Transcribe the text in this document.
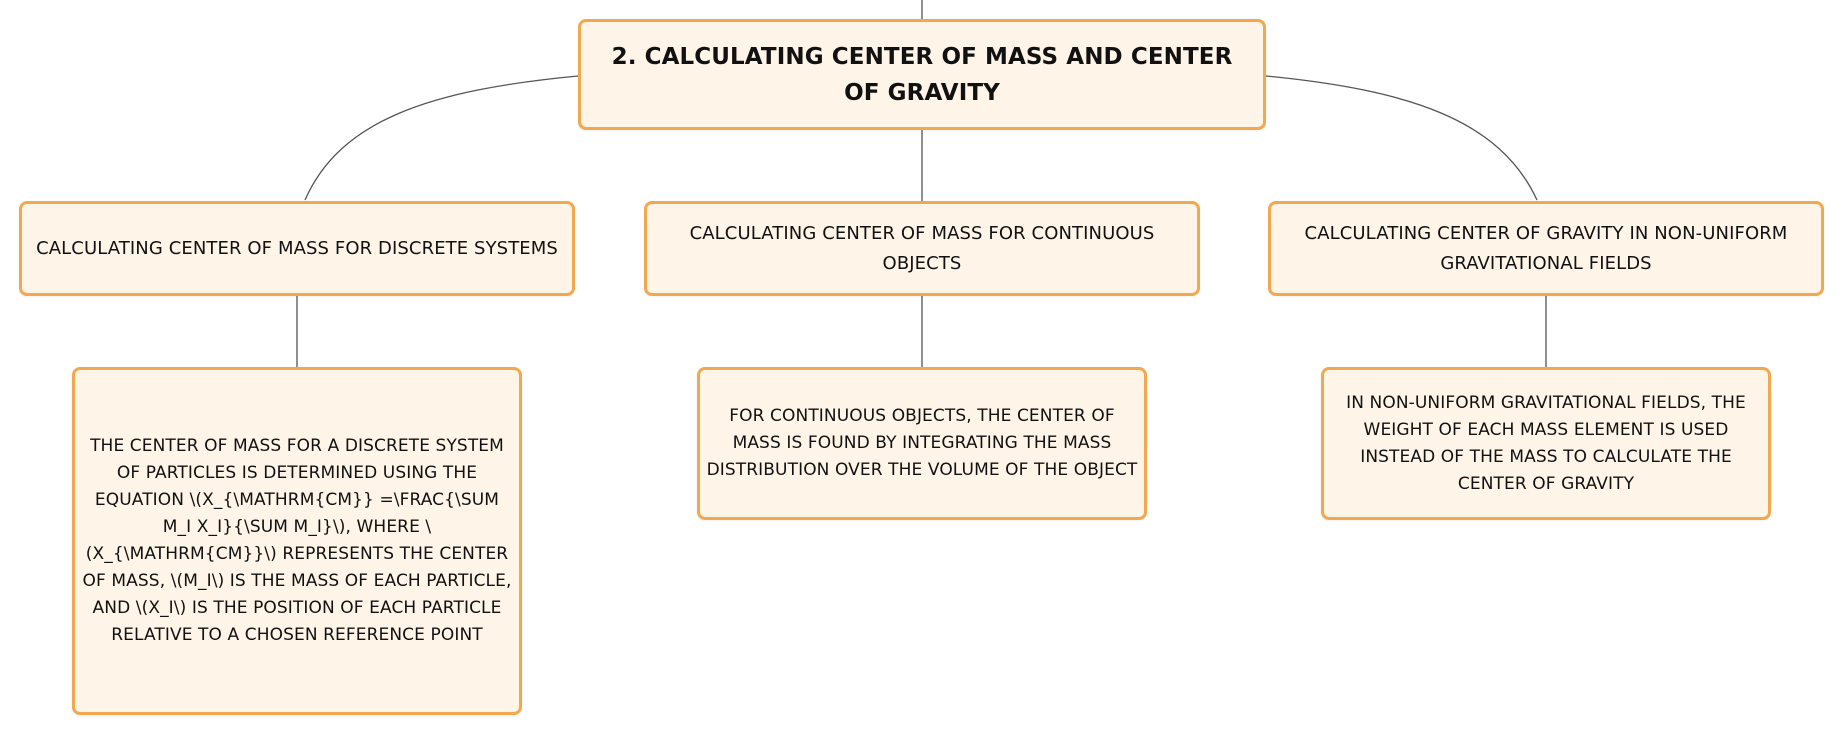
2. CALCULATING CENTER OF MASS AND CENTER OF GRAVITY
CALCULATING CENTER OF MASS FOR DISCRETE SYSTEMS
CALCULATING CENTER OF MASS FOR CONTINUOUS OBJECTS
CALCULATING CENTER OF GRAVITY IN NON-UNIFORM GRAVITATIONAL FIELDS
THE CENTER OF MASS FOR A DISCRETE SYSTEM OF PARTICLES IS DETERMINED USING THE EQUATION \(X_{\MATHRM{CM}} =\FRAC{\SUM M_I X_I}{\SUM M_I}\), WHERE \(X_{\MATHRM{CM}}\) REPRESENTS THE CENTER OF MASS, \(M_I\) IS THE MASS OF EACH PARTICLE, AND \(X_I\) IS THE POSITION OF EACH PARTICLE RELATIVE TO A CHOSEN REFERENCE POINT
FOR CONTINUOUS OBJECTS, THE CENTER OF MASS IS FOUND BY INTEGRATING THE MASS DISTRIBUTION OVER THE VOLUME OF THE OBJECT
IN NON-UNIFORM GRAVITATIONAL FIELDS, THE WEIGHT OF EACH MASS ELEMENT IS USED INSTEAD OF THE MASS TO CALCULATE THE CENTER OF GRAVITY
